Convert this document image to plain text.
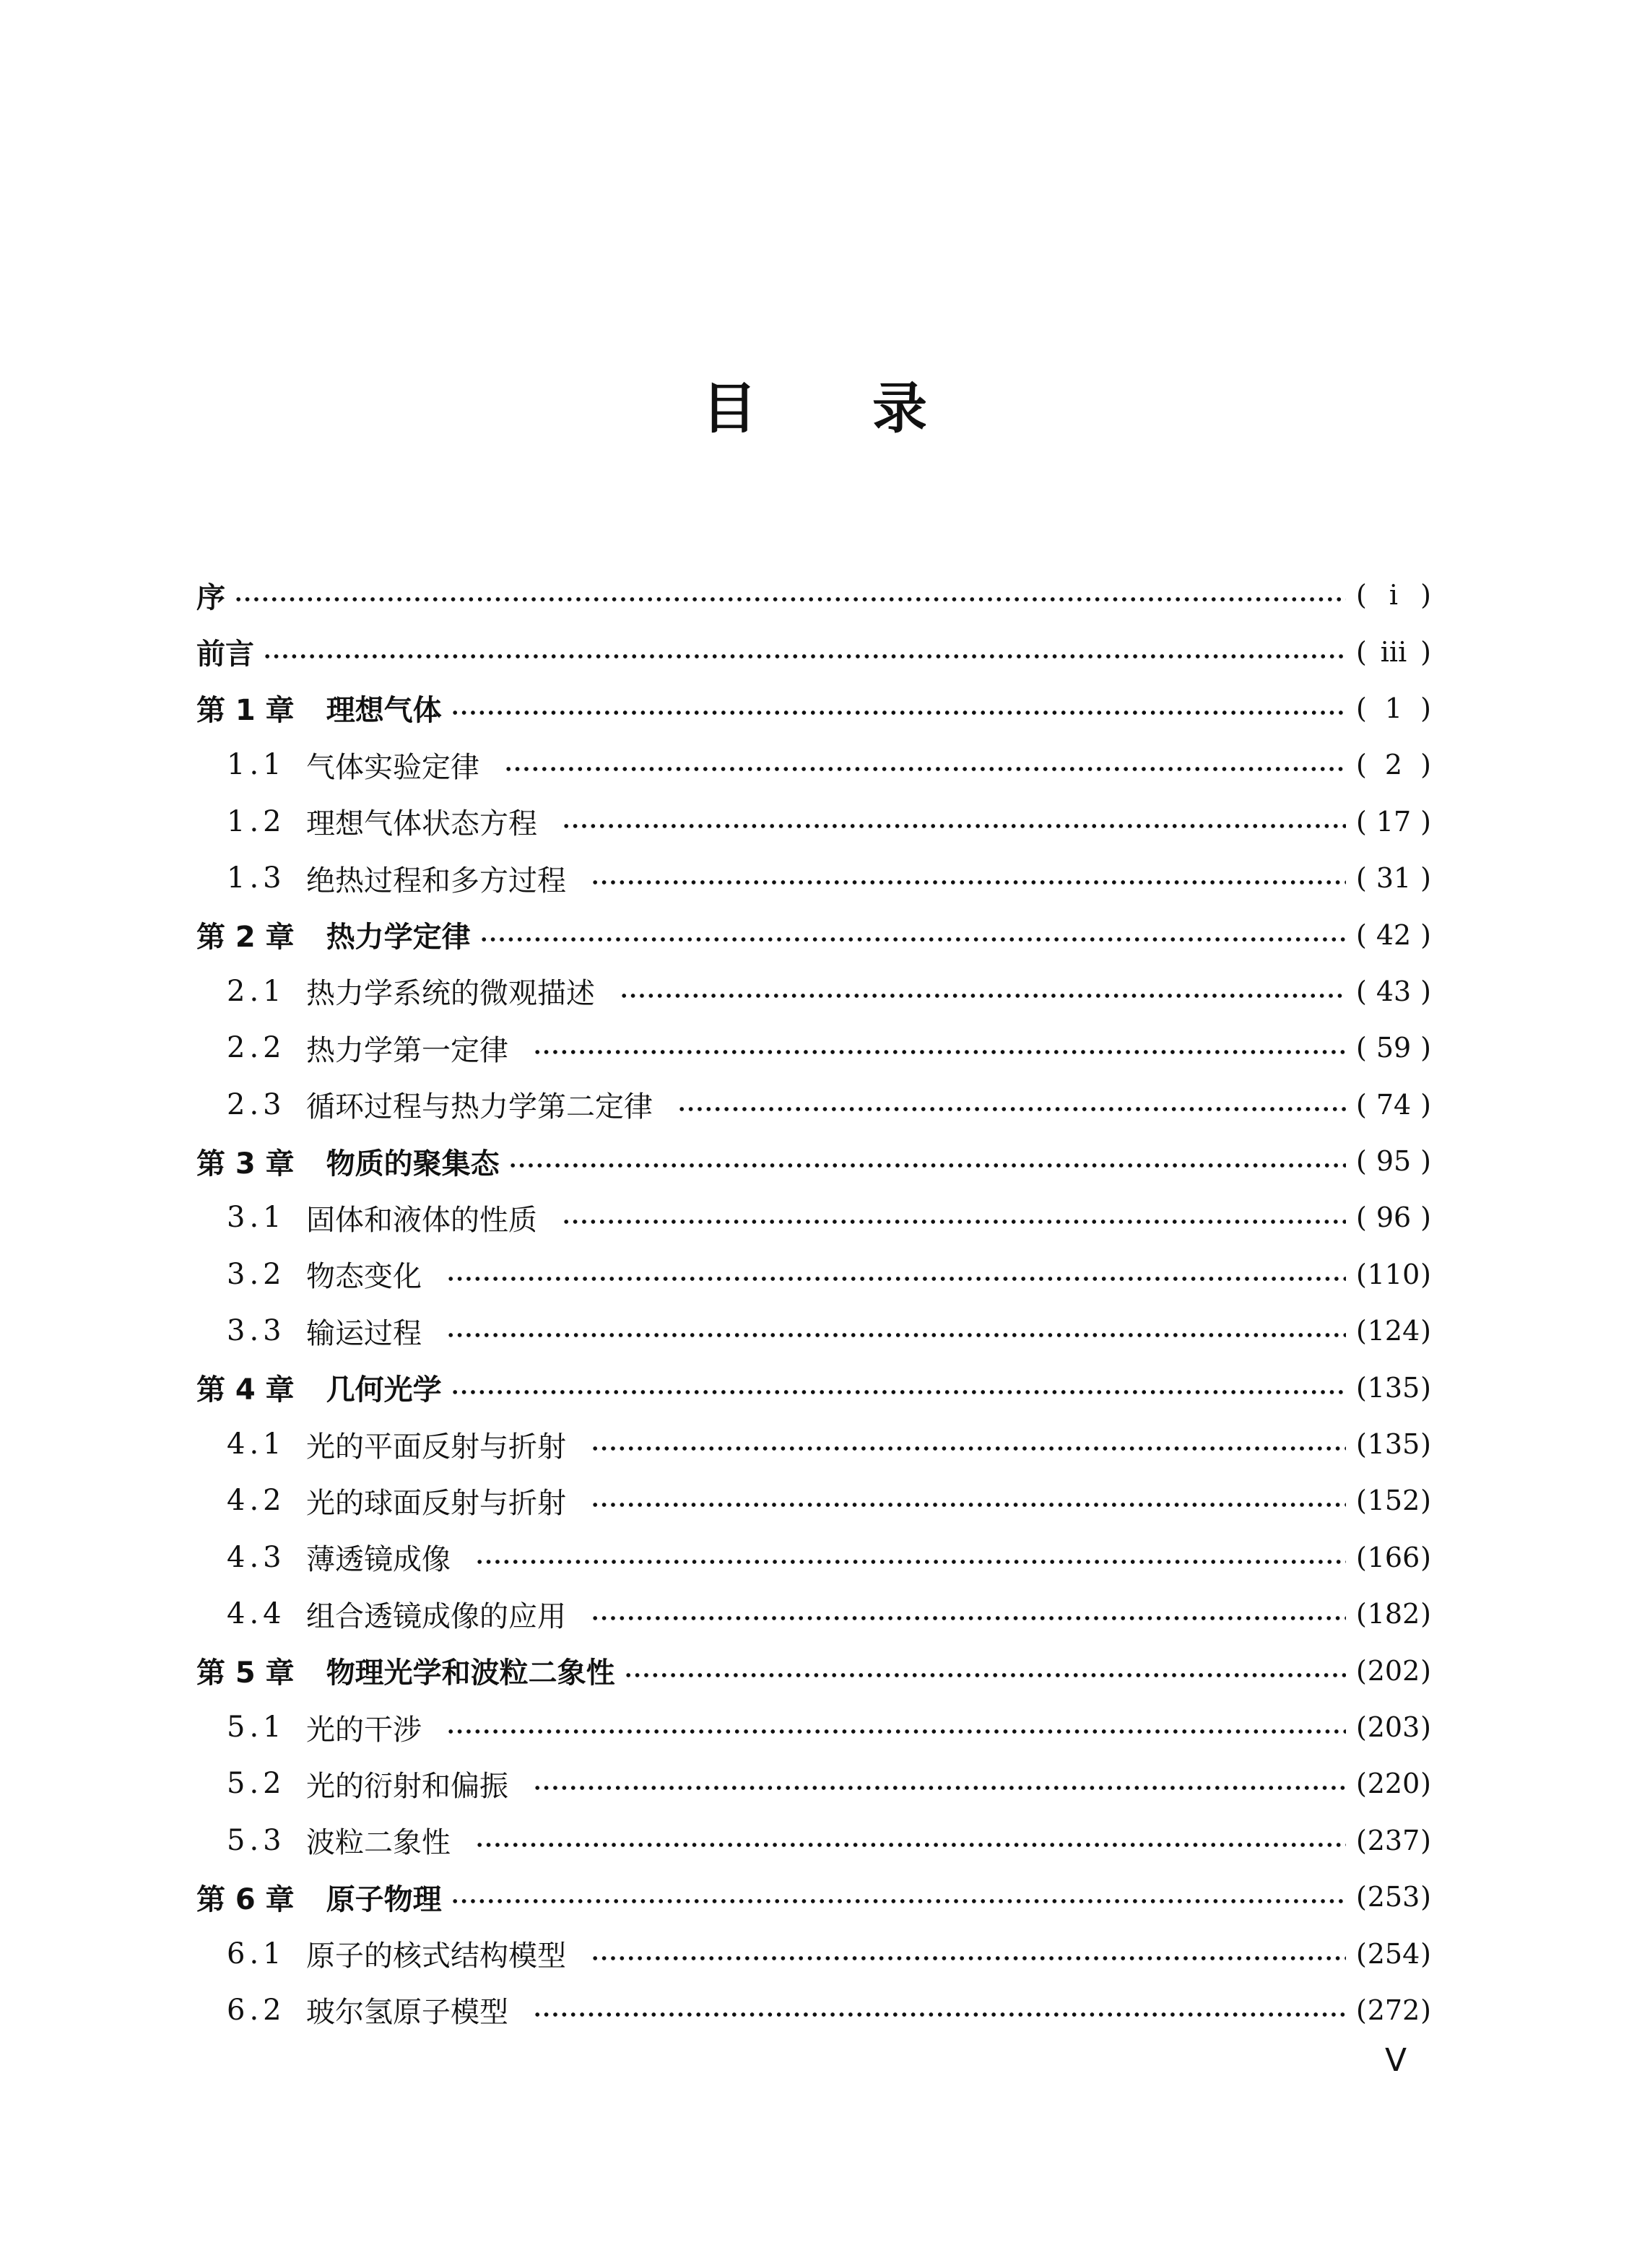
目 录
序	( i )
前言	( iii )
第 1 章 理想气体	( 1 )
1.1 气体实验定律	( 2 )
1.2 理想气体状态方程	( 17 )
1.3 绝热过程和多方过程	( 31 )
第 2 章 热力学定律	( 42 )
2.1 热力学系统的微观描述	( 43 )
2.2 热力学第一定律	( 59 )
2.3 循环过程与热力学第二定律	( 74 )
第 3 章 物质的聚集态	( 95 )
3.1 固体和液体的性质	( 96 )
3.2 物态变化	( 110 )
3.3 输运过程	( 124 )
第 4 章 几何光学	( 135 )
4.1 光的平面反射与折射	( 135 )
4.2 光的球面反射与折射	( 152 )
4.3 薄透镜成像	( 166 )
4.4 组合透镜成像的应用	( 182 )
第 5 章 物理光学和波粒二象性	( 202 )
5.1 光的干涉	( 203 )
5.2 光的衍射和偏振	( 220 )
5.3 波粒二象性	( 237 )
第 6 章 原子物理	( 253 )
6.1 原子的核式结构模型	( 254 )
6.2 玻尔氢原子模型	( 272 )
V
